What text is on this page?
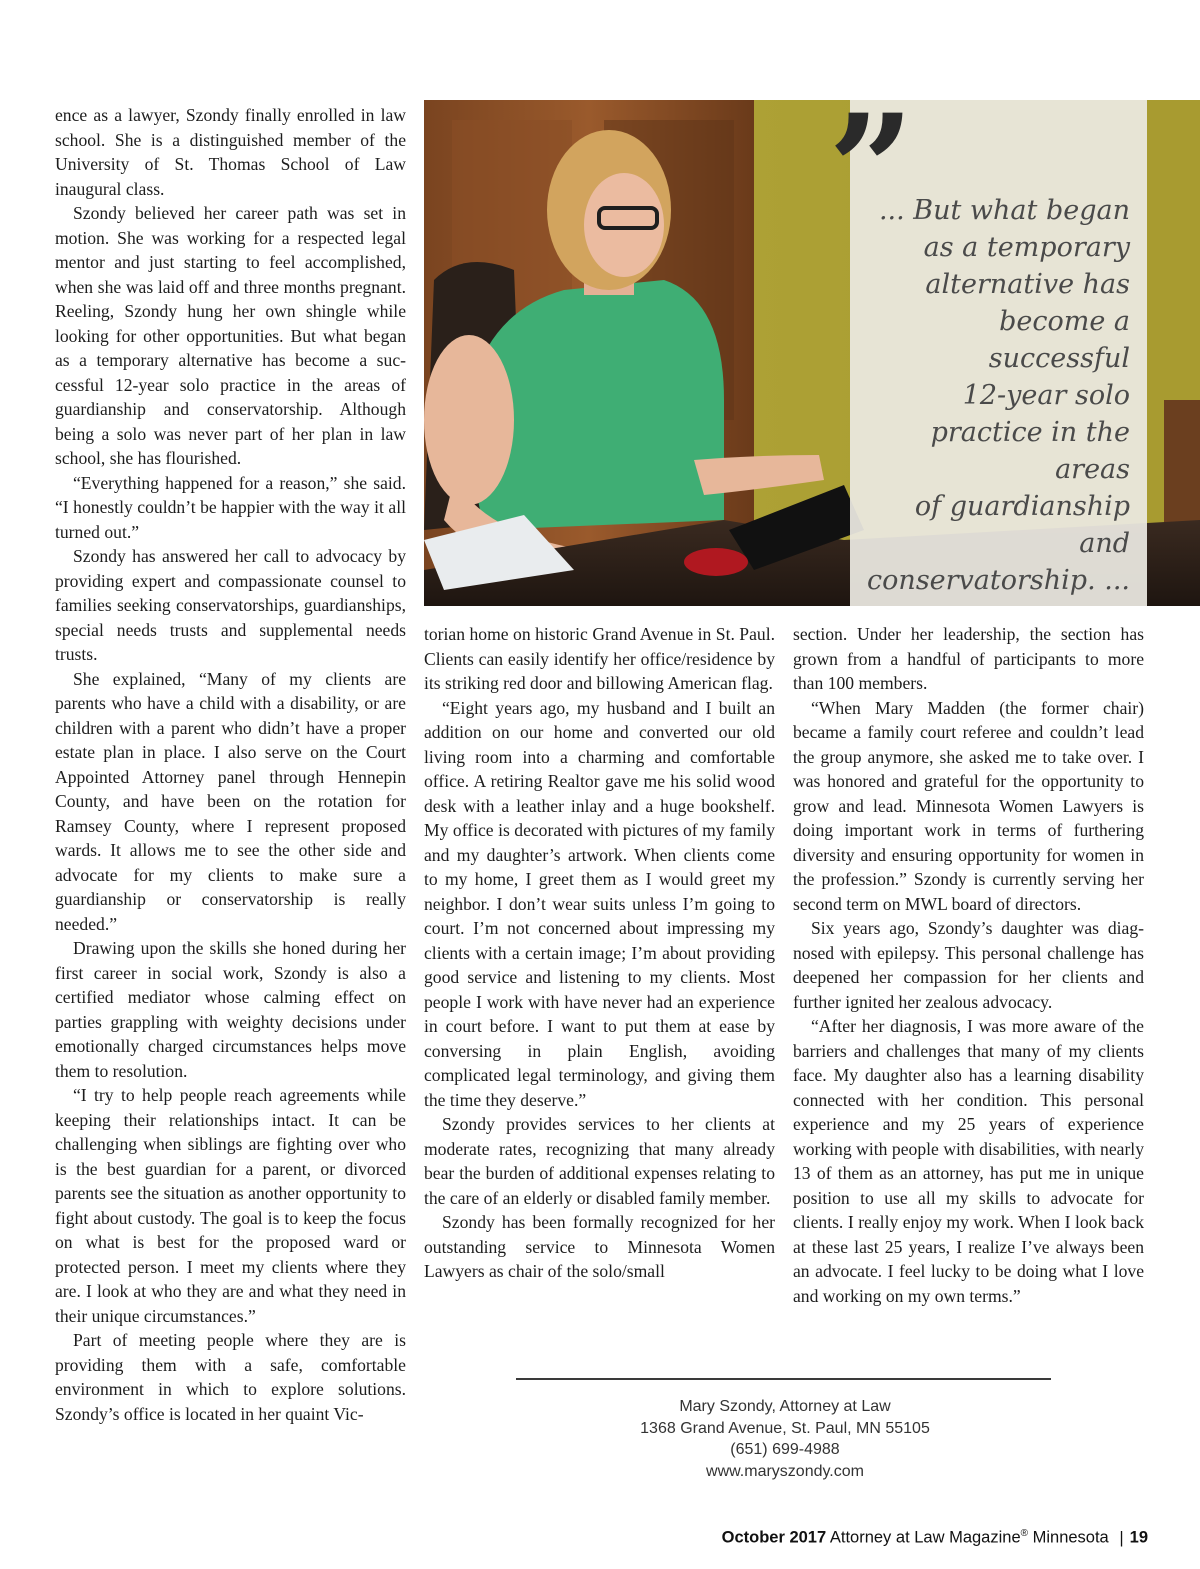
ence as a lawyer, Szondy finally enrolled in law school. She is a distinguished member of the University of St. Thomas School of Law inaugural class.

Szondy believed her career path was set in motion. She was working for a respected legal mentor and just starting to feel accomplished, when she was laid off and three months pregnant. Reeling, Szondy hung her own shingle while looking for other opportunities. But what began as a temporary alternative has become a successful 12-year solo practice in the areas of guardianship and conservatorship. Although being a solo was never part of her plan in law school, she has flourished.

“Everything happened for a reason,” she said. “I honestly couldn’t be happier with the way it all turned out.”

Szondy has answered her call to advocacy by providing expert and compassionate counsel to families seeking conservatorships, guardianships, special needs trusts and supplemental needs trusts.

She explained, “Many of my clients are parents who have a child with a disability, or are children with a parent who didn’t have a proper estate plan in place. I also serve on the Court Appointed Attorney panel through Hennepin County, and have been on the rotation for Ramsey County, where I represent proposed wards. It allows me to see the other side and advocate for my clients to make sure a guardianship or conservatorship is really needed.”

Drawing upon the skills she honed during her first career in social work, Szondy is also a certified mediator whose calming effect on parties grappling with weighty decisions under emotionally charged circumstances helps move them to resolution.

“I try to help people reach agreements while keeping their relationships intact. It can be challenging when siblings are fighting over who is the best guardian for a parent, or divorced parents see the situation as another opportunity to fight about custody. The goal is to keep the focus on what is best for the proposed ward or protected person. I meet my clients where they are. I look at who they are and what they need in their unique circumstances.”

Part of meeting people where they are is providing them with a safe, comfortable environment in which to explore solutions. Szondy’s office is located in her quaint Vic-

”
... But what began
as a temporary
alternative has
become a successful
12-year solo
practice in the areas
of guardianship and
conservatorship. ...

torian home on historic Grand Avenue in St. Paul. Clients can easily identify her office/residence by its striking red door and billowing American flag.

“Eight years ago, my husband and I built an addition on our home and converted our old living room into a charming and comfortable office. A retiring Realtor gave me his solid wood desk with a leather inlay and a huge bookshelf. My office is decorated with pictures of my family and my daughter’s artwork. When clients come to my home, I greet them as I would greet my neighbor. I don’t wear suits unless I’m going to court. I’m not concerned about impressing my clients with a certain image; I’m about providing good service and listening to my clients. Most people I work with have never had an experience in court before. I want to put them at ease by conversing in plain English, avoiding complicated legal terminology, and giving them the time they deserve.”

Szondy provides services to her clients at moderate rates, recognizing that many already bear the burden of additional expenses relating to the care of an elderly or disabled family member.

Szondy has been formally recognized for her outstanding service to Minnesota Women Lawyers as chair of the solo/small

section. Under her leadership, the section has grown from a handful of participants to more than 100 members.

“When Mary Madden (the former chair) became a family court referee and couldn’t lead the group anymore, she asked me to take over. I was honored and grateful for the opportunity to grow and lead. Minnesota Women Lawyers is doing important work in terms of furthering diversity and ensuring opportunity for women in the profession.” Szondy is currently serving her second term on MWL board of directors.

Six years ago, Szondy’s daughter was diagnosed with epilepsy. This personal challenge has deepened her compassion for her clients and further ignited her zealous advocacy.

“After her diagnosis, I was more aware of the barriers and challenges that many of my clients face. My daughter also has a learning disability connected with her condition. This personal experience and my 25 years of experience working with people with disabilities, with nearly 13 of them as an attorney, has put me in unique position to use all my skills to advocate for clients. I really enjoy my work. When I look back at these last 25 years, I realize I’ve always been an advocate. I feel lucky to be doing what I love and working on my own terms.”

Mary Szondy, Attorney at Law
1368 Grand Avenue, St. Paul, MN 55105
(651) 699-4988
www.maryszondy.com
October 2017 Attorney at Law Magazine® Minnesota | 19
